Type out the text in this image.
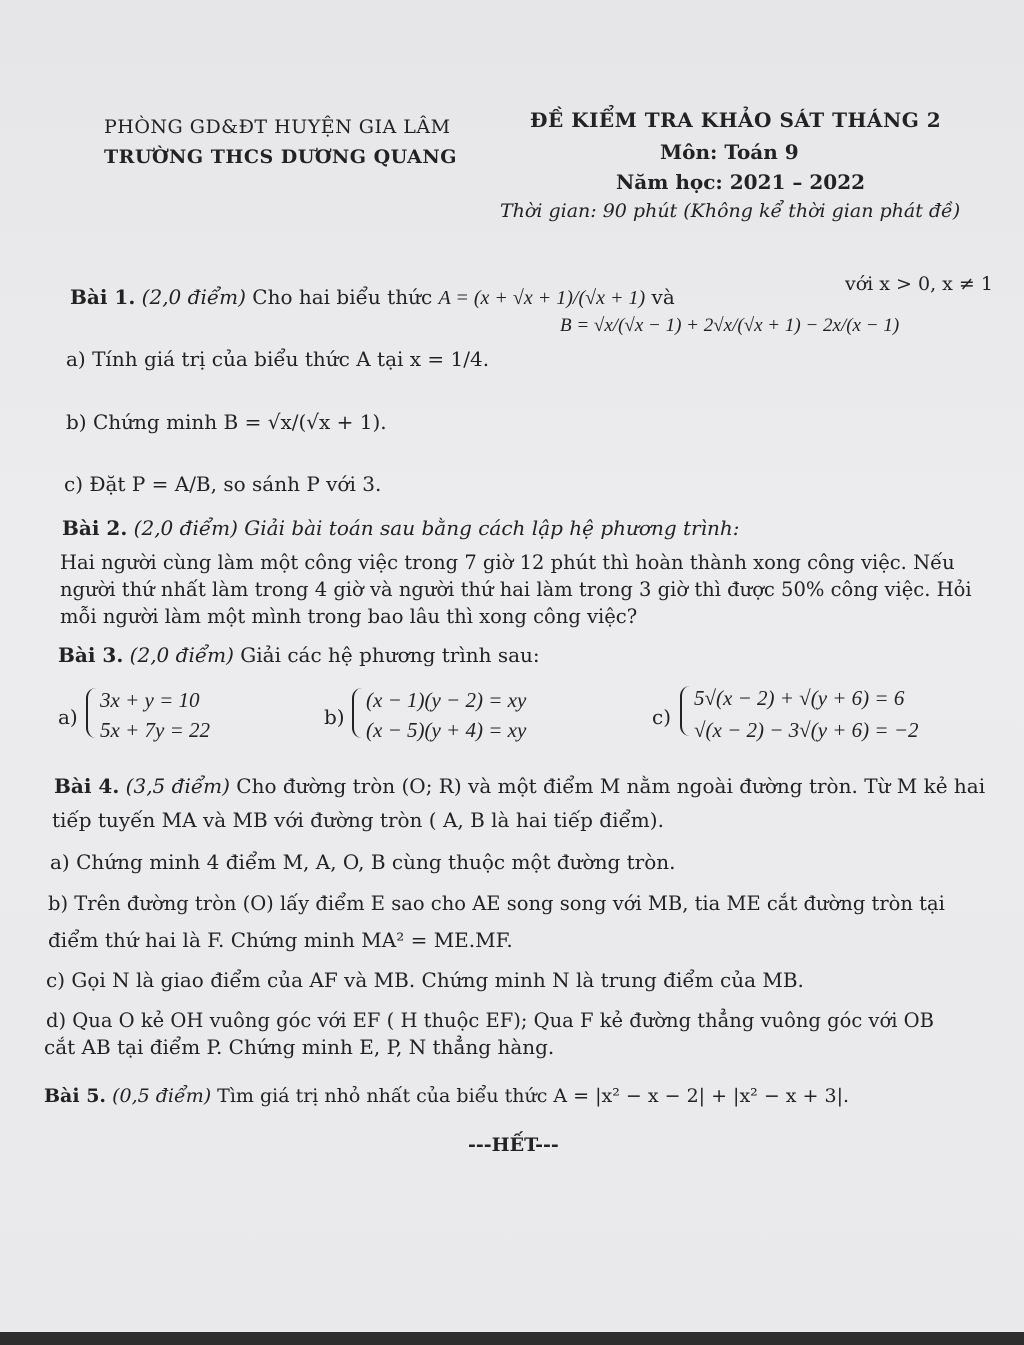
PHÒNG GD&ĐT HUYỆN GIA LÂM
TRƯỜNG THCS DƯƠNG QUANG
ĐỀ KIỂM TRA KHẢO SÁT THÁNG 2
Môn: Toán 9
Năm học: 2021 – 2022
Thời gian: 90 phút (Không kể thời gian phát đề)
Bài 1. (2,0 điểm) Cho hai biểu thức A = (x + √x + 1)/(√x + 1) và
B = √x/(√x − 1) + 2√x/(√x + 1) − 2x/(x − 1)
với x > 0, x ≠ 1
a) Tính giá trị của biểu thức A tại x = 1/4.
b) Chứng minh B = √x/(√x + 1).
c) Đặt P = A/B, so sánh P với 3.
Bài 2. (2,0 điểm) Giải bài toán sau bằng cách lập hệ phương trình:
Hai người cùng làm một công việc trong 7 giờ 12 phút thì hoàn thành xong công việc. Nếu
người thứ nhất làm trong 4 giờ và người thứ hai làm trong 3 giờ thì được 50% công việc. Hỏi
mỗi người làm một mình trong bao lâu thì xong công việc?
Bài 3. (2,0 điểm) Giải các hệ phương trình sau:
a)
3x + y = 10
5x + 7y = 22
b)
(x − 1)(y − 2) = xy
(x − 5)(y + 4) = xy
c)
5√(x − 2) + √(y + 6) = 6
√(x − 2) − 3√(y + 6) = −2
Bài 4. (3,5 điểm) Cho đường tròn (O; R) và một điểm M nằm ngoài đường tròn. Từ M kẻ hai
tiếp tuyến MA và MB với đường tròn ( A, B là hai tiếp điểm).
a) Chứng minh 4 điểm M, A, O, B cùng thuộc một đường tròn.
b) Trên đường tròn (O) lấy điểm E sao cho AE song song với MB, tia ME cắt đường tròn tại
điểm thứ hai là F. Chứng minh MA² = ME.MF.
c) Gọi N là giao điểm của AF và MB. Chứng minh N là trung điểm của MB.
d) Qua O kẻ OH vuông góc với EF ( H thuộc EF); Qua F kẻ đường thẳng vuông góc với OB
cắt AB tại điểm P. Chứng minh E, P, N thẳng hàng.
Bài 5. (0,5 điểm) Tìm giá trị nhỏ nhất của biểu thức A = |x² − x − 2| + |x² − x + 3|.
---HẾT---
